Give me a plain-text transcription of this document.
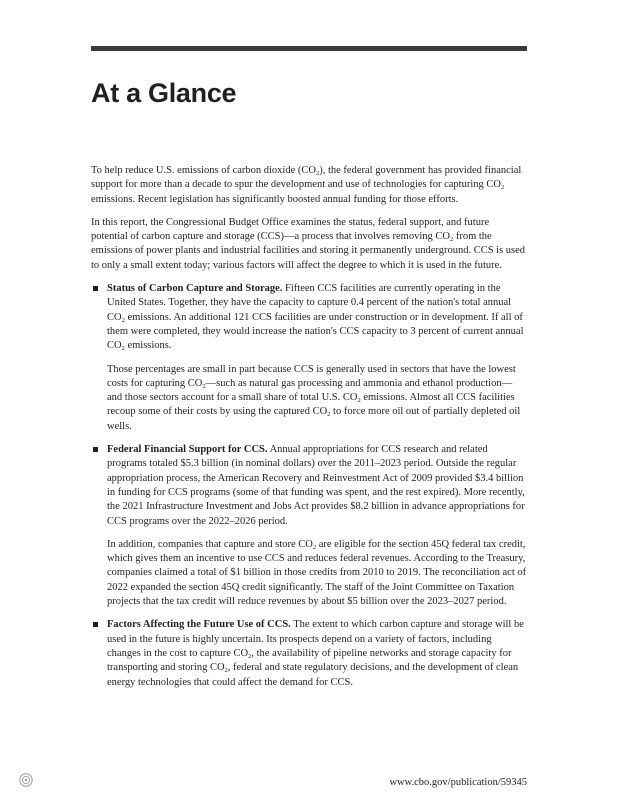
At a Glance

To help reduce U.S. emissions of carbon dioxide $(CO_2)$, the federal government has provided financial support for more than a decade to spur the development and use of technologies for capturing $CO_2$ emissions. Recent legislation has significantly boosted annual funding for those efforts.

In this report, the Congressional Budget Office examines the status, federal support, and future potential of carbon capture and storage (CCS)—a process that involves removing $CO_2$ from the emissions of power plants and industrial facilities and storing it permanently underground. CCS is used to only a small extent today; various factors will affect the degree to which it is used in the future.

Status of Carbon Capture and Storage. Fifteen CCS facilities are currently operating in the United States. Together, they have the capacity to capture 0.4 percent of the nation's total annual $CO_2$ emissions. An additional 121 CCS facilities are under construction or in development. If all of them were completed, they would increase the nation's CCS capacity to 3 percent of current annual $CO_2$ emissions.

Those percentages are small in part because CCS is generally used in sectors that have the lowest costs for capturing $CO_2—such$ as natural gas processing and ammonia and ethanol production—and those sectors account for a small share of total U.S. $CO_2$ emissions. Almost all CCS facilities recoup some of their costs by using the captured $CO_2$ to force more oil out of partially depleted oil wells.

Federal Financial Support for CCS. Annual appropriations for CCS research and related programs totaled $5.3 billion (in nominal dollars) over the 2011–2023 period. Outside the regular appropriation process, the American Recovery and Reinvestment Act of 2009 provided $3.4 billion in funding for CCS programs (some of that funding was spent, and the rest expired). More recently, the 2021 Infrastructure Investment and Jobs Act provides $8.2 billion in advance appropriations for CCS programs over the 2022–2026 period.

In addition, companies that capture and store $CO_2$ are eligible for the section 45Q federal tax credit, which gives them an incentive to use CCS and reduces federal revenues. According to the Treasury, companies claimed a total of $1 billion in those credits from 2010 to 2019. The reconciliation act of 2022 expanded the section 45Q credit significantly. The staff of the Joint Committee on Taxation projects that the tax credit will reduce revenues by about $5 billion over the 2023–2027 period.

Factors Affecting the Future Use of CCS. The extent to which carbon capture and storage will be used in the future is highly uncertain. Its prospects depend on a variety of factors, including changes in the cost to capture $CO_2$, the availability of pipeline networks and storage capacity for transporting and storing $CO_2$, federal and state regulatory decisions, and the development of clean energy technologies that could affect the demand for CCS.

www.cbo.gov/publication/59345
